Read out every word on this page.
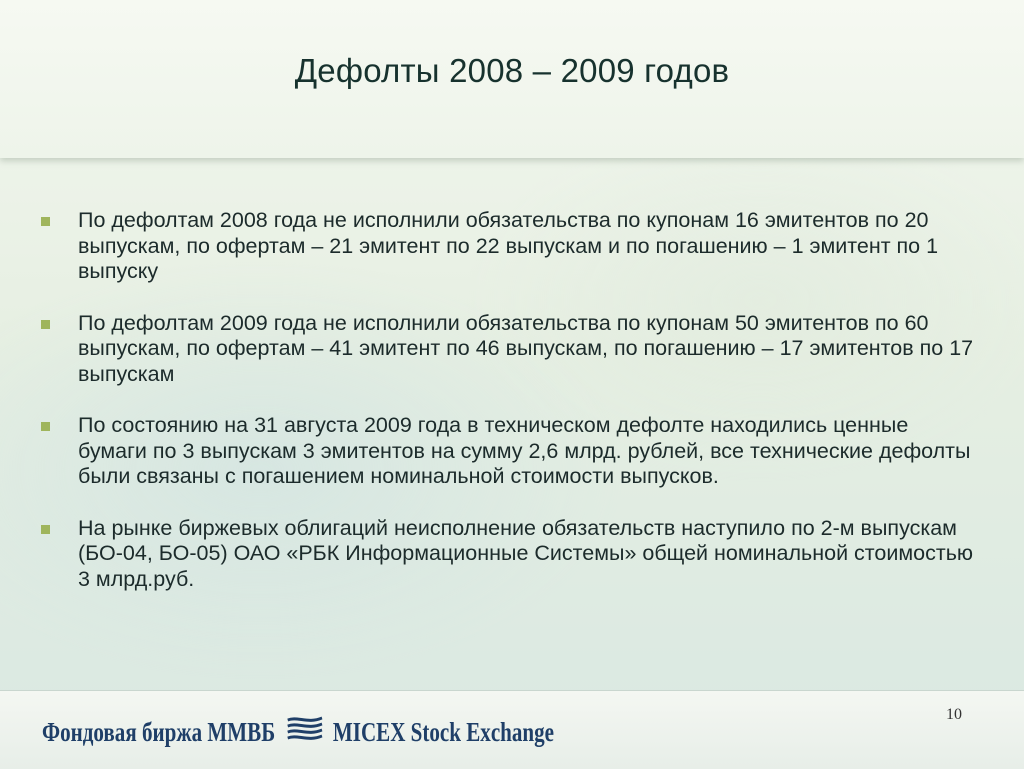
Дефолты 2008 – 2009 годов
По дефолтам 2008 года не исполнили обязательства по купонам 16 эмитентов по 20 выпускам, по офертам – 21 эмитент по 22 выпускам и по погашению – 1 эмитент по 1 выпуску
По дефолтам 2009 года не исполнили обязательства по купонам 50 эмитентов по 60 выпускам, по офертам – 41 эмитент по 46 выпускам, по погашению – 17 эмитентов по 17 выпускам
По состоянию на 31 августа 2009 года в техническом дефолте находились ценные бумаги по 3 выпускам 3 эмитентов на сумму 2,6 млрд. рублей, все технические дефолты были связаны с погашением номинальной стоимости выпусков.
На рынке биржевых облигаций неисполнение обязательств наступило по 2-м выпускам (БО-04, БО-05) ОАО «РБК Информационные Системы» общей номинальной стоимостью 3 млрд.руб.
10
Фондовая биржа ММВБ MICEX Stock Exchange
